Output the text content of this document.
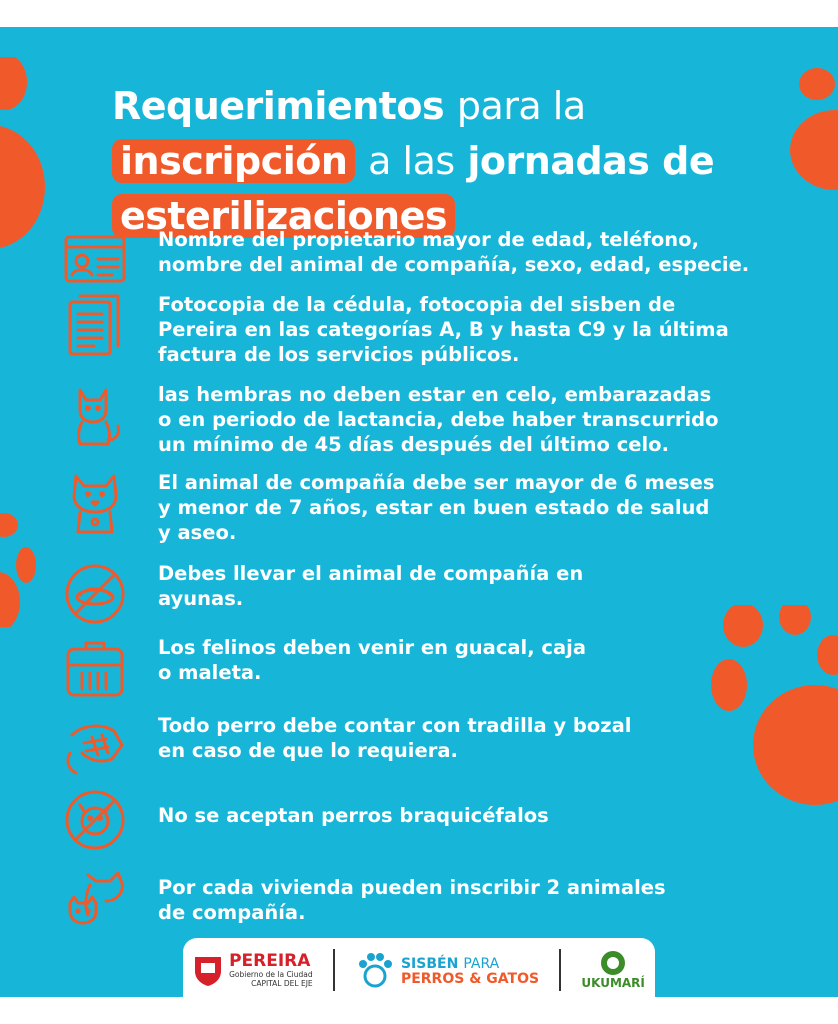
Requerimientos para la
inscripción a las jornadas de
esterilizaciones
Nombre del propietario mayor de edad, teléfono,
nombre del animal de compañía, sexo, edad, especie.
Fotocopia de la cédula, fotocopia del sisben de
Pereira en las categorías A, B y hasta C9 y la última
factura de los servicios públicos.
las hembras no deben estar en celo, embarazadas
o en periodo de lactancia, debe haber transcurrido
un mínimo de 45 días después del último celo.
El animal de compañía debe ser mayor de 6 meses
y menor de 7 años, estar en buen estado de salud
y aseo.
Debes llevar el animal de compañía en
ayunas.
Los felinos deben venir en guacal, caja
o maleta.
Todo perro debe contar con tradilla y bozal
en caso de que lo requiera.
No se aceptan perros braquicéfalos
Por cada vivienda pueden inscribir 2 animales
de compañía.
PEREIRA
Gobierno de la Ciudad
CAPITAL DEL EJE
SISBÉN PARA
PERROS & GATOS	UKUMARÍ
